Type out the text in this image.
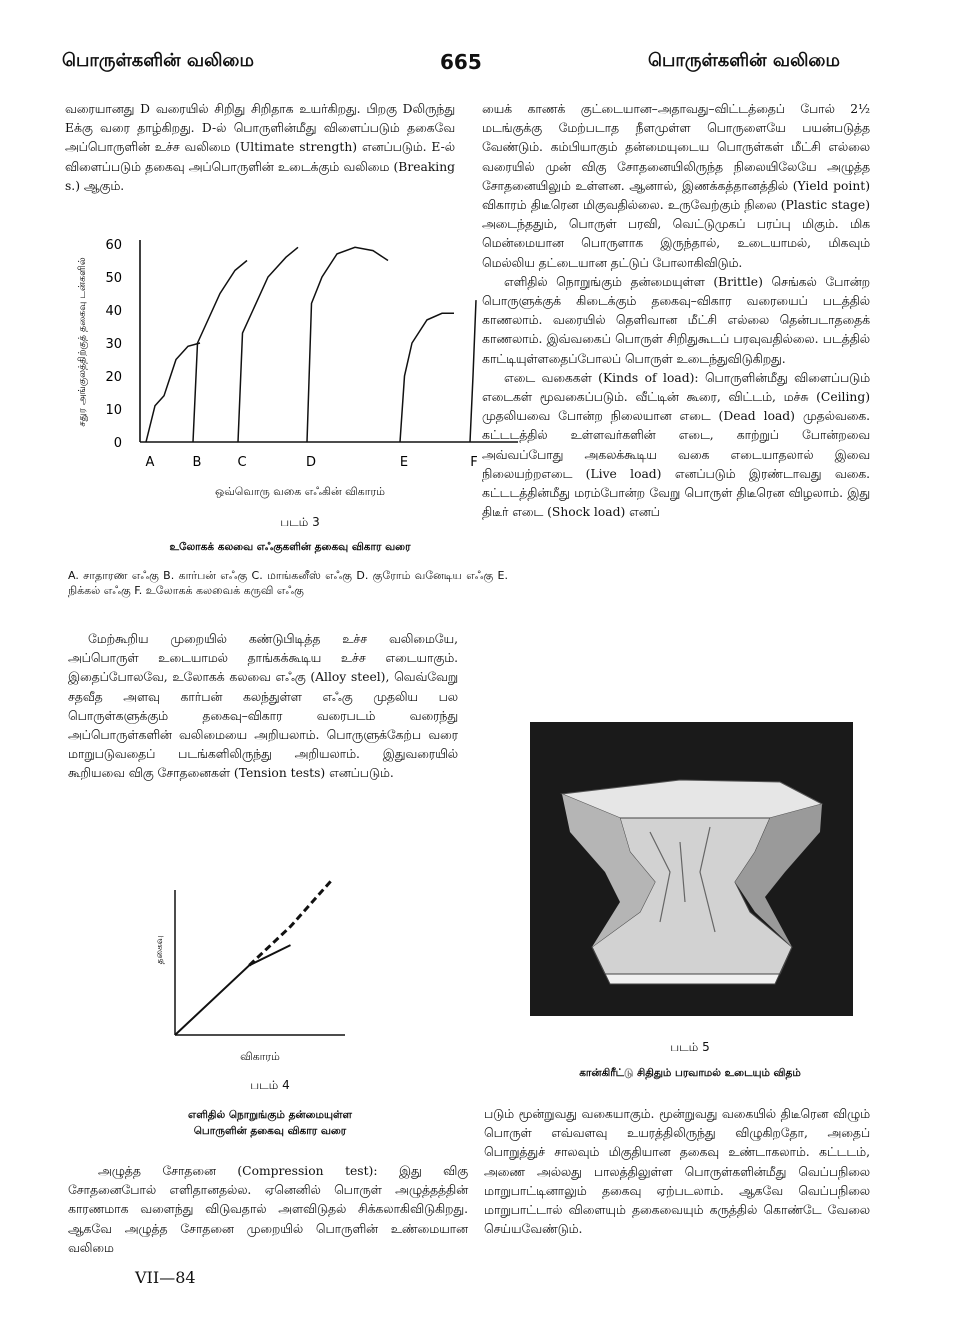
பொருள்களின் வலிமை	665	பொருள்களின் வலிமை

வரையானது D வரையில் சிறிது சிறிதாக உயர்கிறது. பிறகு Dலிருந்து Eக்கு வரை தாழ்கிறது. D-ல் பொருளின்மீது விளைப்படும் தகைவே அப்பொருளின் உச்ச வலிமை (Ultimate strength) எனப்படும். E-ல் விளைப்படும் தகைவு அப்பொருளின் உடைக்கும் வலிமை (Breaking s.) ஆகும்.

சதுர அங்குலத்திற்குத் தகைவு டன்களில்
60
50
40
30
20
10
0
A	B	C	D	E	F
ஒவ்வொரு வகை எஃகின் விகாரம்
படம் 3
உலோகக் கலவை எஃகுகளின் தகைவு விகார வரை
A. சாதாரண எஃகு B. கார்பன் எஃகு C. மாங்கனீஸ் எஃகு D. குரோம் வனேடிய எஃகு E. நிக்கல் எஃகு F. உலோகக் கலவைக் கருவி எஃகு

மேற்கூறிய முறையில் கண்டுபிடித்த உச்ச வலிமையே, அப்பொருள் உடையாமல் தாங்கக்கூடிய உச்ச எடையாகும். இதைப்போலவே, உலோகக் கலவை எஃகு (Alloy steel), வெவ்வேறு சதவீத அளவு கார்பன் கலந்துள்ள எஃகு முதலிய பல பொருள்களுக்கும் தகைவு–விகார வரைபடம் வரைந்து அப்பொருள்களின் வலிமையை அறியலாம். பொருளுக்கேற்ப வரை மாறுபடுவதைப் படங்களிலிருந்து அறியலாம். இதுவரையில் கூறியவை விகு சோதனைகள் (Tension tests) எனப்படும்.

தகைவு
விகாரம்
படம் 4
எளிதில் நொறுங்கும் தன்மையுள்ள
பொருளின் தகைவு விகார வரை

அழுத்த சோதனை (Compression test): இது விகு சோதனைபோல் எளிதானதல்ல. ஏனெனில் பொருள் அழுத்தத்தின் காரணமாக வளைந்து விடுவதால் அளவிடுதல் சிக்கலாகிவிடுகிறது. ஆகவே அழுத்த சோதனை முறையில் பொருளின் உண்மையான வலிமை

யைக் காணக் குட்டையான–அதாவது–விட்டத்தைப் போல் 2½ மடங்குக்கு மேற்படாத நீளமுள்ள பொருளையே பயன்படுத்த வேண்டும். கம்பியாகும் தன்மையுடைய பொருள்கள் மீட்சி எல்லை வரையில் முன் விகு சோதனையிலிருந்த நிலையிலேயே அழுத்த சோதனையிலும் உள்ளன. ஆனால், இணக்கத்தானத்தில் (Yield point) விகாரம் திடீரென மிகுவதில்லை. உருவேற்கும் நிலை (Plastic stage) அடைந்ததும், பொருள் பரவி, வெட்டுமுகப் பரப்பு மிகும். மிக மென்மையான பொருளாக இருந்தால், உடையாமல், மிகவும் மெல்லிய தட்டையான தட்டுப் போலாகிவிடும்.

எளிதில் நொறுங்கும் தன்மையுள்ள (Brittle) செங்கல் போன்ற பொருளுக்குக் கிடைக்கும் தகைவு–விகார வரையைப் படத்தில் காணலாம். வரையில் தெளிவான மீட்சி எல்லை தென்படாததைக் காணலாம். இவ்வகைப் பொருள் சிறிதுகூடப் பரவுவதில்லை. படத்தில் காட்டியுள்ளதைப்போலப் பொருள் உடைந்துவிடுகிறது.

எடை வகைகள் (Kinds of load): பொருளின்மீது விளைப்படும் எடைகள் மூவகைப்படும். வீட்டின் கூரை, விட்டம், மச்சு (Ceiling) முதலியவை போன்ற நிலையான எடை (Dead load) முதல்வகை. கட்டடத்தில் உள்ளவர்களின் எடை, காற்றுப் போன்றவை அவ்வப்போது அகலக்கூடிய வகை எடையாதலால் இவை நிலையற்றஎடை (Live load) எனப்படும் இரண்டாவது வகை. கட்டடத்தின்மீது மரம்போன்ற வேறு பொருள் திடீரென விழலாம். இது திடீர் எடை (Shock load) எனப்

படம் 5
கான்கிரீட்டு சிதிதும் பரவாமல் உடையும் விதம்

படும் மூன்றுவது வகையாகும். மூன்றுவது வகையில் திடீரென விழும் பொருள் எவ்வளவு உயரத்திலிருந்து விழுகிறதோ, அதைப் பொறுத்துச் சாலவும் மிகுதியான தகைவு உண்டாகலாம். கட்டடம், அணை அல்லது பாலத்திலுள்ள பொருள்களின்மீது வெப்பநிலை மாறுபாட்டினாலும் தகைவு ஏற்படலாம். ஆகவே வெப்பநிலை மாறுபாட்டால் விளையும் தகைவையும் கருத்தில் கொண்டே வேலை செய்யவேண்டும்.

VII—84
